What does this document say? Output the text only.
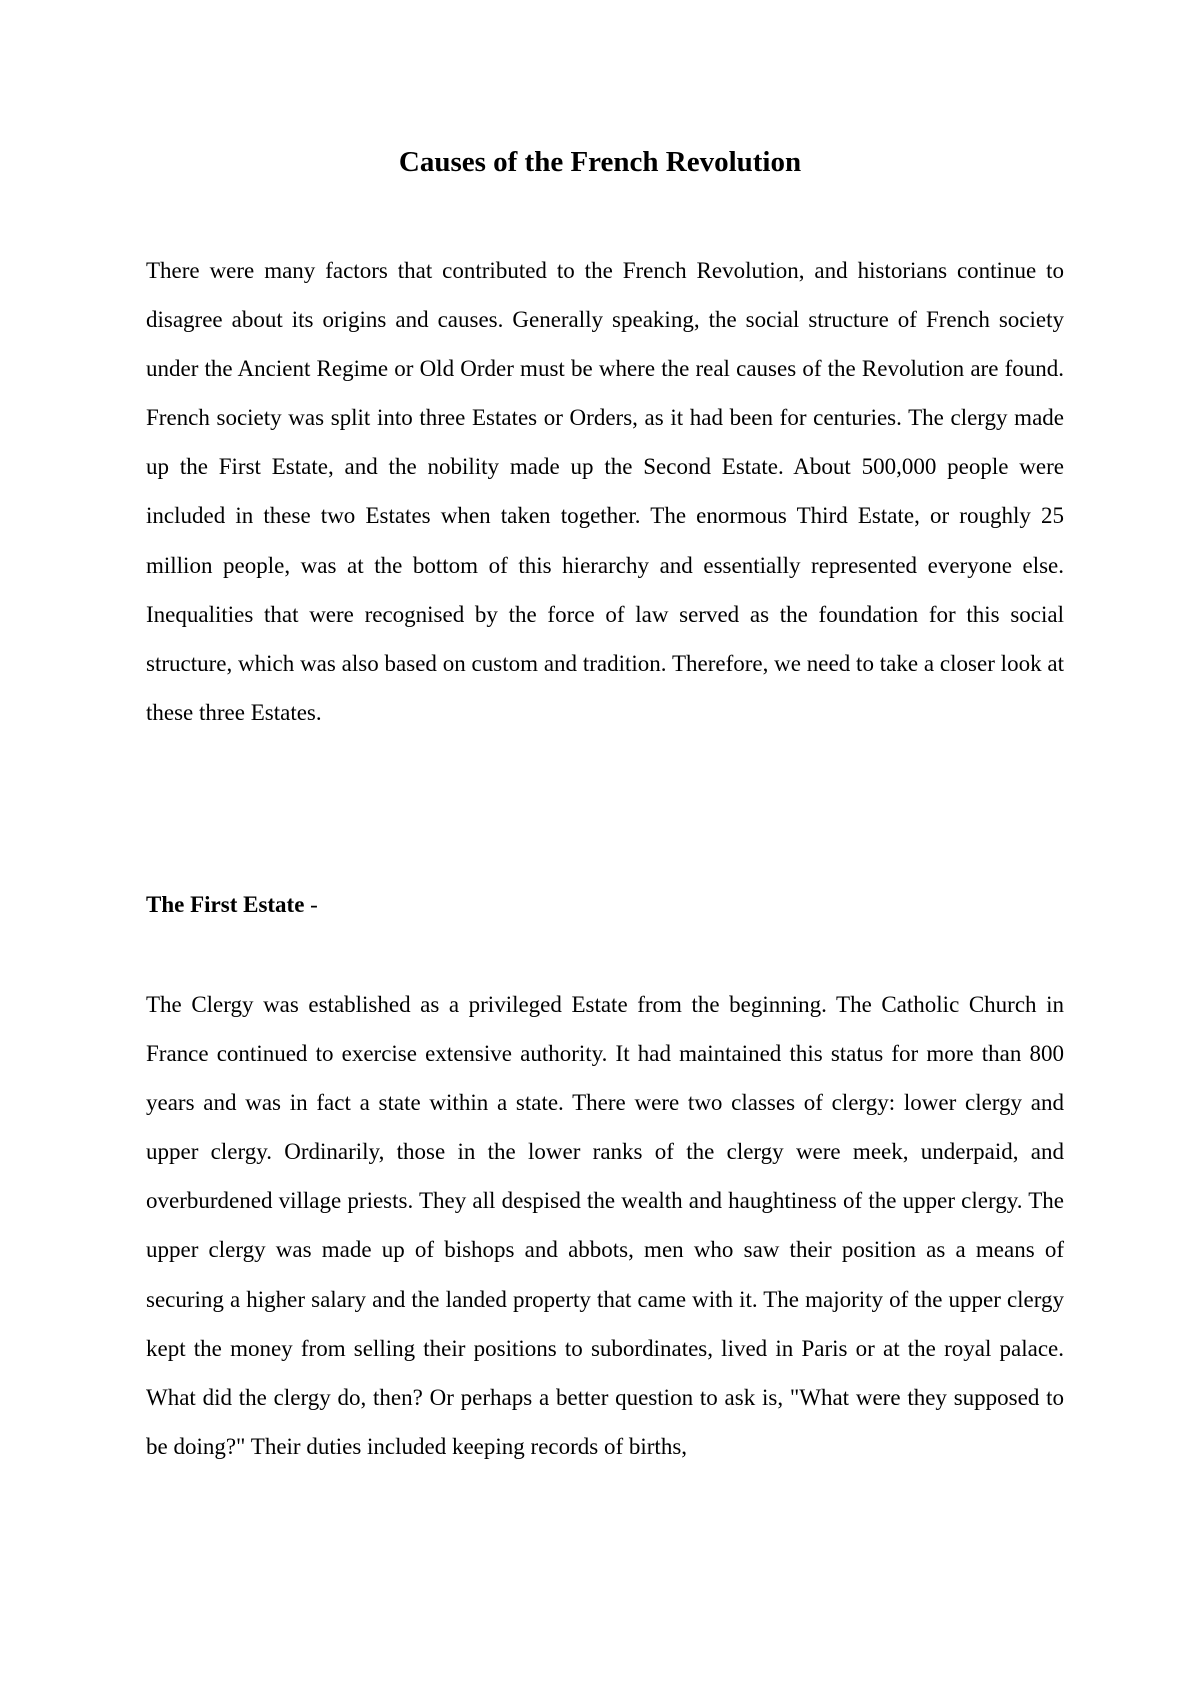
Causes of the French Revolution

There were many factors that contributed to the French Revolution, and historians continue to disagree about its origins and causes. Generally speaking, the social structure of French society under the Ancient Regime or Old Order must be where the real causes of the Revolution are found. French society was split into three Estates or Orders, as it had been for centuries. The clergy made up the First Estate, and the nobility made up the Second Estate. About 500,000 people were included in these two Estates when taken together. The enormous Third Estate, or roughly 25 million people, was at the bottom of this hierarchy and essentially represented everyone else. Inequalities that were recognised by the force of law served as the foundation for this social structure, which was also based on custom and tradition. Therefore, we need to take a closer look at these three Estates.

The First Estate -

The Clergy was established as a privileged Estate from the beginning. The Catholic Church in France continued to exercise extensive authority. It had maintained this status for more than 800 years and was in fact a state within a state. There were two classes of clergy: lower clergy and upper clergy. Ordinarily, those in the lower ranks of the clergy were meek, underpaid, and overburdened village priests. They all despised the wealth and haughtiness of the upper clergy. The upper clergy was made up of bishops and abbots, men who saw their position as a means of securing a higher salary and the landed property that came with it. The majority of the upper clergy kept the money from selling their positions to subordinates, lived in Paris or at the royal palace. What did the clergy do, then? Or perhaps a better question to ask is, "What were they supposed to be doing?" Their duties included keeping records of births,
